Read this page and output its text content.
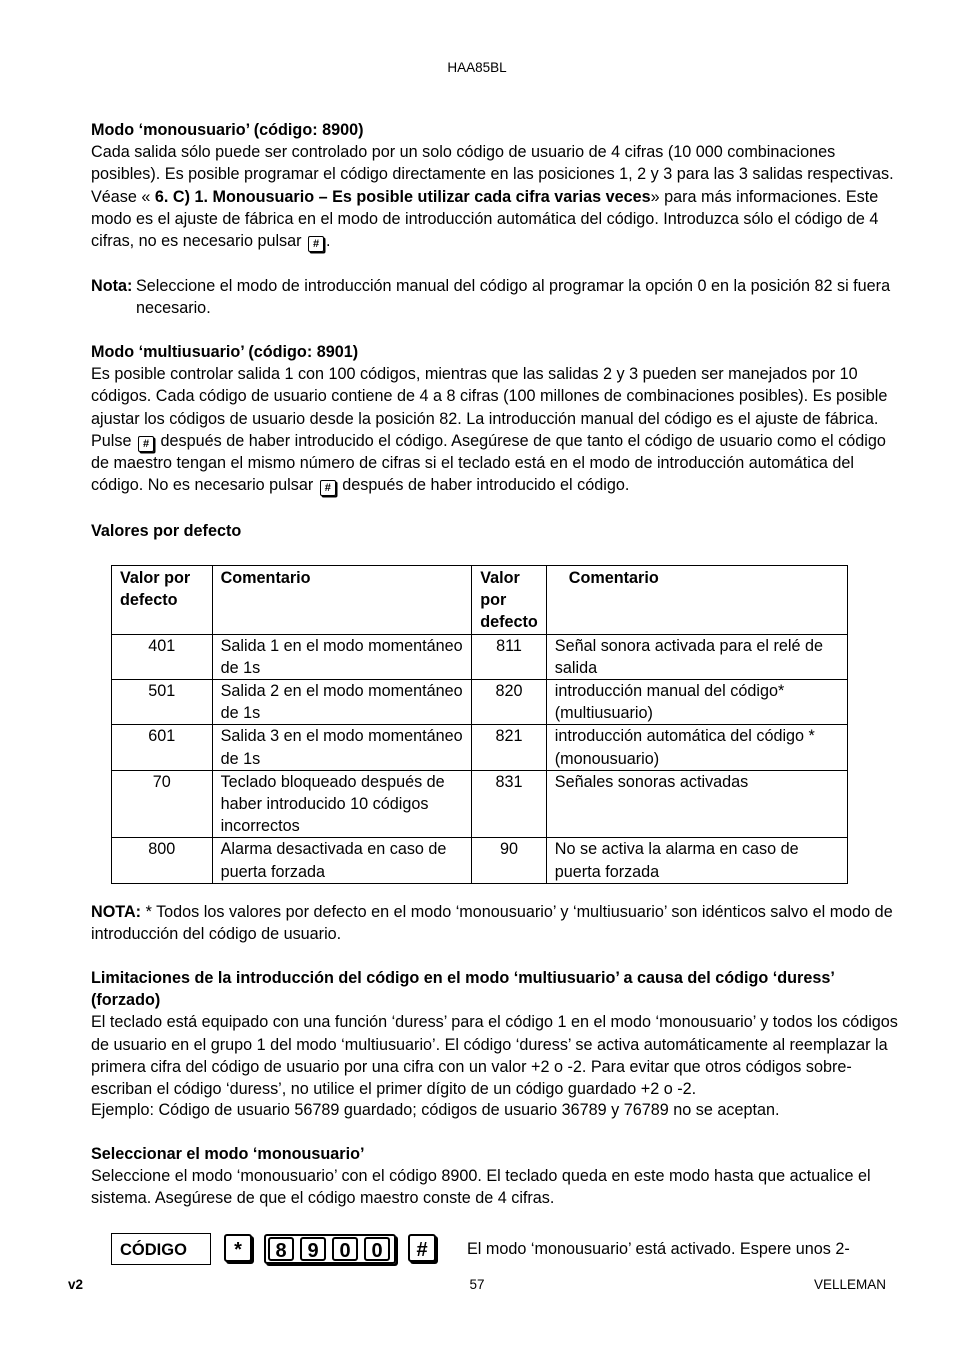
HAA85BL

Modo ‘monousuario’ (código: 8900)

Cada salida sólo puede ser controlado por un solo código de usuario de 4 cifras (10 000 combinaciones posibles). Es posible programar el código directamente en las posiciones 1, 2 y 3 para las 3 salidas respectivas. Véase « 6. C) 1. Monousuario – Es posible utilizar cada cifra varias veces» para más informaciones. Este modo es el ajuste de fábrica en el modo de introducción automática del código. Introduzca sólo el código de 4 cifras, no es necesario pulsar # .

Nota: Seleccione el modo de introducción manual del código al programar la opción 0 en la posición 82 si fuera necesario.

Modo ‘multiusuario’ (código: 8901)

Es posible controlar salida 1 con 100 códigos, mientras que las salidas 2 y 3 pueden ser manejados por 10 códigos. Cada código de usuario contiene de 4 a 8 cifras (100 millones de combinaciones posibles). Es posible ajustar los códigos de usuario desde la posición 82. La introducción manual del código es el ajuste de fábrica. Pulse # después de haber introducido el código. Asegúrese de que tanto el código de usuario como el código de maestro tengan el mismo número de cifras si el teclado está en el modo de introducción automática del código. No es necesario pulsar # después de haber introducido el código.

Valores por defecto
Valor por defecto	Comentario	Valor por defecto	Comentario
401	Salida 1 en el modo momentáneo de 1s	811	Señal sonora activada para el relé de salida
501	Salida 2 en el modo momentáneo de 1s	820	introducción manual del código* (multiusuario)
601	Salida 3 en el modo momentáneo de 1s	821	introducción automática del código * (monousuario)
70	Teclado bloqueado después de haber introducido 10 códigos incorrectos	831	Señales sonoras activadas
800	Alarma desactivada en caso de puerta forzada	90	No se activa la alarma en caso de puerta forzada
NOTA: * Todos los valores por defecto en el modo ‘monousuario’ y ‘multiusuario’ son idénticos salvo el modo de introducción del código de usuario.

Limitaciones de la introducción del código en el modo ‘multiusuario’ a causa del código ‘duress’ (forzado)

El teclado está equipado con una función ‘duress’ para el código 1 en el modo ‘monousuario’ y todos los códigos de usuario en el grupo 1 del modo ‘multiusuario’. El código ‘duress’ se activa automáticamente al reemplazar la primera cifra del código de usuario por una cifra con un valor +2 o -2. Para evitar que otros códigos sobre-escriban el código ‘duress’, no utilice el primer dígito de un código guardado +2 o -2.

Ejemplo: Código de usuario 56789 guardado; códigos de usuario 36789 y 76789 no se aceptan.

Seleccionar el modo ‘monousuario’

Seleccione el modo ‘monousuario’ con el código 8900. El teclado queda en este modo hasta que actualice el sistema. Asegúrese de que el código maestro conste de 4 cifras.

CÓDIGO	*	8	9	0	0	#	El modo ‘monousuario’ está activado. Espere unos 2-
v2	57	VELLEMAN
